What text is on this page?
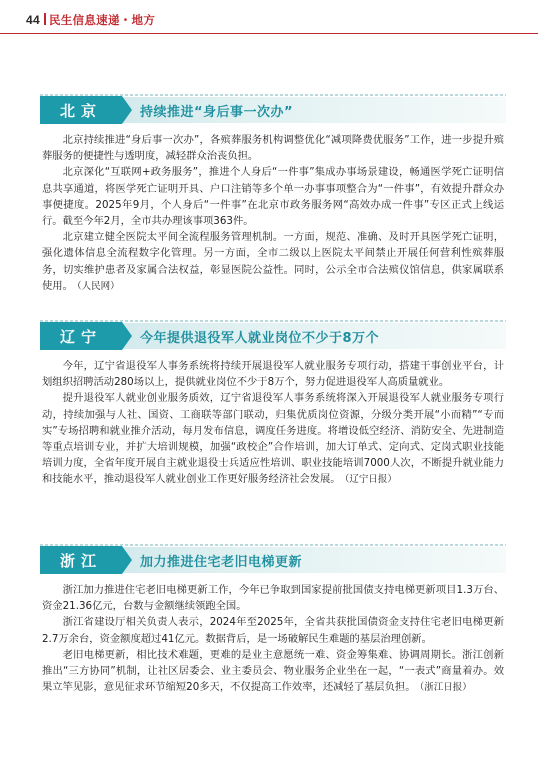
44 民生信息速递・地方
北京	持续推进“身后事一次办”

北京持续推进“身后事一次办”，各殡葬服务机构调整优化“减项降费优服务”工作，进一步提升殡葬服务的便捷性与透明度，减轻群众治丧负担。

北京深化“互联网+政务服务”，推进个人身后“一件事”集成办事场景建设，畅通医学死亡证明信息共享通道，将医学死亡证明开具、户口注销等多个单一办事事项整合为“一件事”，有效提升群众办事便捷度。2025年9月，个人身后“一件事”在北京市政务服务网“高效办成一件事”专区正式上线运行。截至今年2月，全市共办理该事项363件。

北京建立健全医院太平间全流程服务管理机制。一方面，规范、准确、及时开具医学死亡证明，强化遗体信息全流程数字化管理。另一方面，全市二级以上医院太平间禁止开展任何营利性殡葬服务，切实维护患者及家属合法权益，彰显医院公益性。同时，公示全市合法殡仪馆信息，供家属联系使用。 （人民网）

辽宁	今年提供退役军人就业岗位不少于8万个

今年，辽宁省退役军人事务系统将持续开展退役军人就业服务专项行动，搭建干事创业平台，计划组织招聘活动280场以上，提供就业岗位不少于8万个，努力促进退役军人高质量就业。

提升退役军人就业创业服务质效，辽宁省退役军人事务系统将深入开展退役军人就业服务专项行动，持续加强与人社、国资、工商联等部门联动，归集优质岗位资源，分级分类开展“小而精”“专而实”专场招聘和就业推介活动，每月发布信息，调度任务进度。将增设低空经济、消防安全、先进制造等重点培训专业，并扩大培训规模，加强“政校企”合作培训，加大订单式、定向式、定岗式职业技能培训力度，全省年度开展自主就业退役士兵适应性培训、职业技能培训7000人次，不断提升就业能力和技能水平，推动退役军人就业创业工作更好服务经济社会发展。 （辽宁日报）

浙江	加力推进住宅老旧电梯更新

浙江加力推进住宅老旧电梯更新工作，今年已争取到国家提前批国债支持电梯更新项目1.3万台、资金21.36亿元，台数与金额继续领跑全国。

浙江省建设厅相关负责人表示，2024年至2025年，全省共获批国债资金支持住宅老旧电梯更新2.7万余台，资金额度超过41亿元。数据背后，是一场破解民生难题的基层治理创新。

老旧电梯更新，相比技术难题，更难的是业主意愿统一难、资金筹集难、协调周期长。浙江创新推出“三方协同”机制，让社区居委会、业主委员会、物业服务企业坐在一起，“一表式”商量着办。效果立竿见影，意见征求环节缩短20多天，不仅提高工作效率，还减轻了基层负担。 （浙江日报）
